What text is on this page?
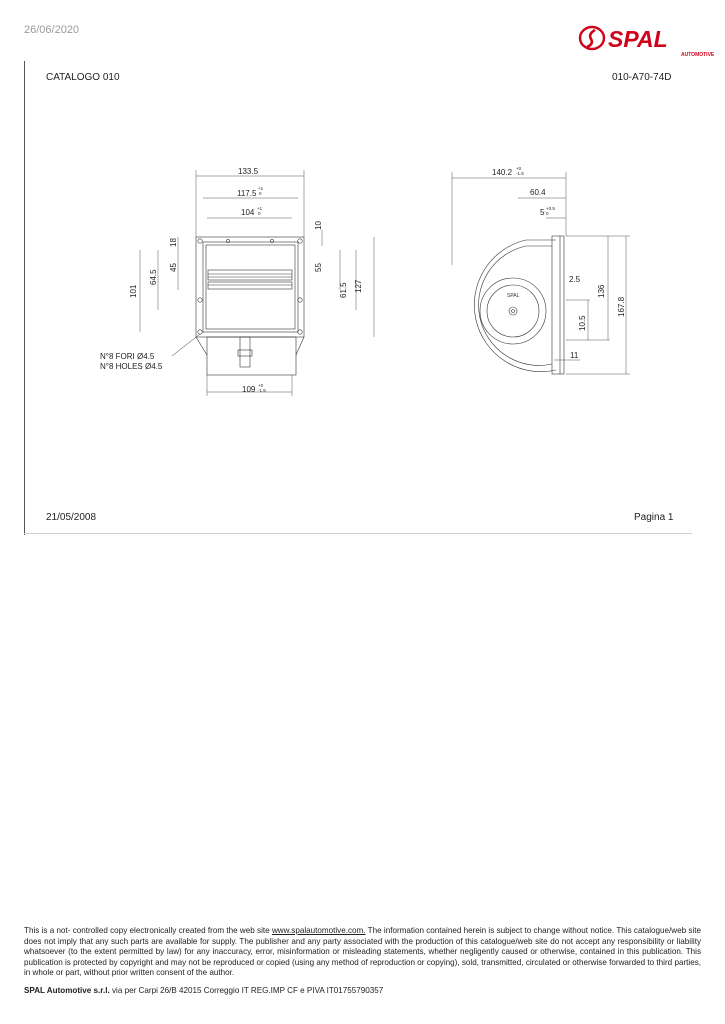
26/06/2020	SPAL
AUTOMOTIVE
CATALOGO 010	010-A70-74D
133.5
117.5
+1
0
104 +1
0
10
18
45
64.5
101
55
61.5 127
109 +0
-1.5
N°8 FORI Ø4.5
N°8 HOLES Ø4.5
SPAL
140.2 +0
-1.5
60.4
5 +0.5
0
2.5
136
167.8
10.5
11
21/05/2008	Pagina 1
This is a not- controlled copy electronically created from the web site www.spalautomotive.com. The information contained herein is subject to change without notice. This catalogue/web site does not imply that any such parts are available for supply. The publisher and any party associated with the production of this catalogue/web site do not accept any responsibility or liability whatsoever (to the extent permitted by law) for any inaccuracy, error, misinformation or misleading statements, whether negligently caused or otherwise, contained in this publication. This publication is protected by copyright and may not be reproduced or copied (using any method of reproduction or copying), sold, transmitted, circulated or otherwise forwarded to third parties, in whole or part, without prior written consent of the author.
SPAL Automotive s.r.l. via per Carpi 26/B 42015 Correggio IT REG.IMP CF e PIVA IT01755790357
